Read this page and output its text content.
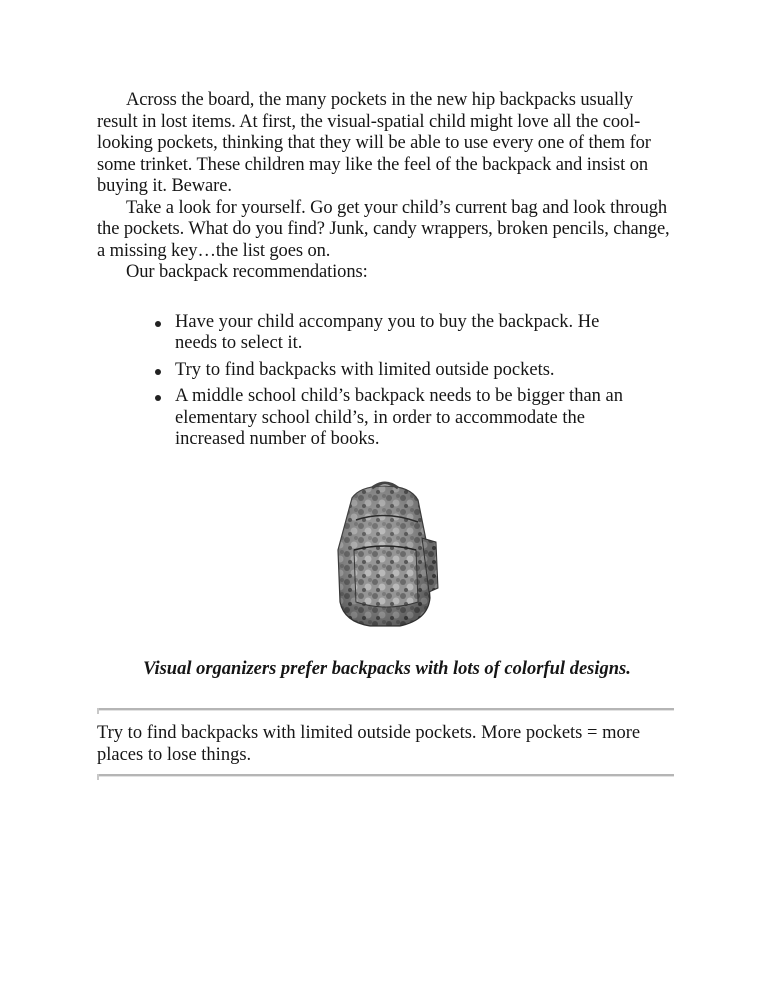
Across the board, the many pockets in the new hip backpacks usually result in lost items. At first, the visual-spatial child might love all the cool-looking pockets, thinking that they will be able to use every one of them for some trinket. These children may like the feel of the backpack and insist on buying it. Beware.

Take a look for yourself. Go get your child’s current bag and look through the pockets. What do you find? Junk, candy wrappers, broken pencils, change, a missing key…the list goes on.

Our backpack recommendations:

Have your child accompany you to buy the backpack. He needs to select it.
Try to find backpacks with limited outside pockets.
A middle school child’s backpack needs to be bigger than an elementary school child’s, in order to accommodate the increased number of books.
Visual organizers prefer backpacks with lots of colorful designs.

Try to find backpacks with limited outside pockets. More pockets = more places to lose things.
